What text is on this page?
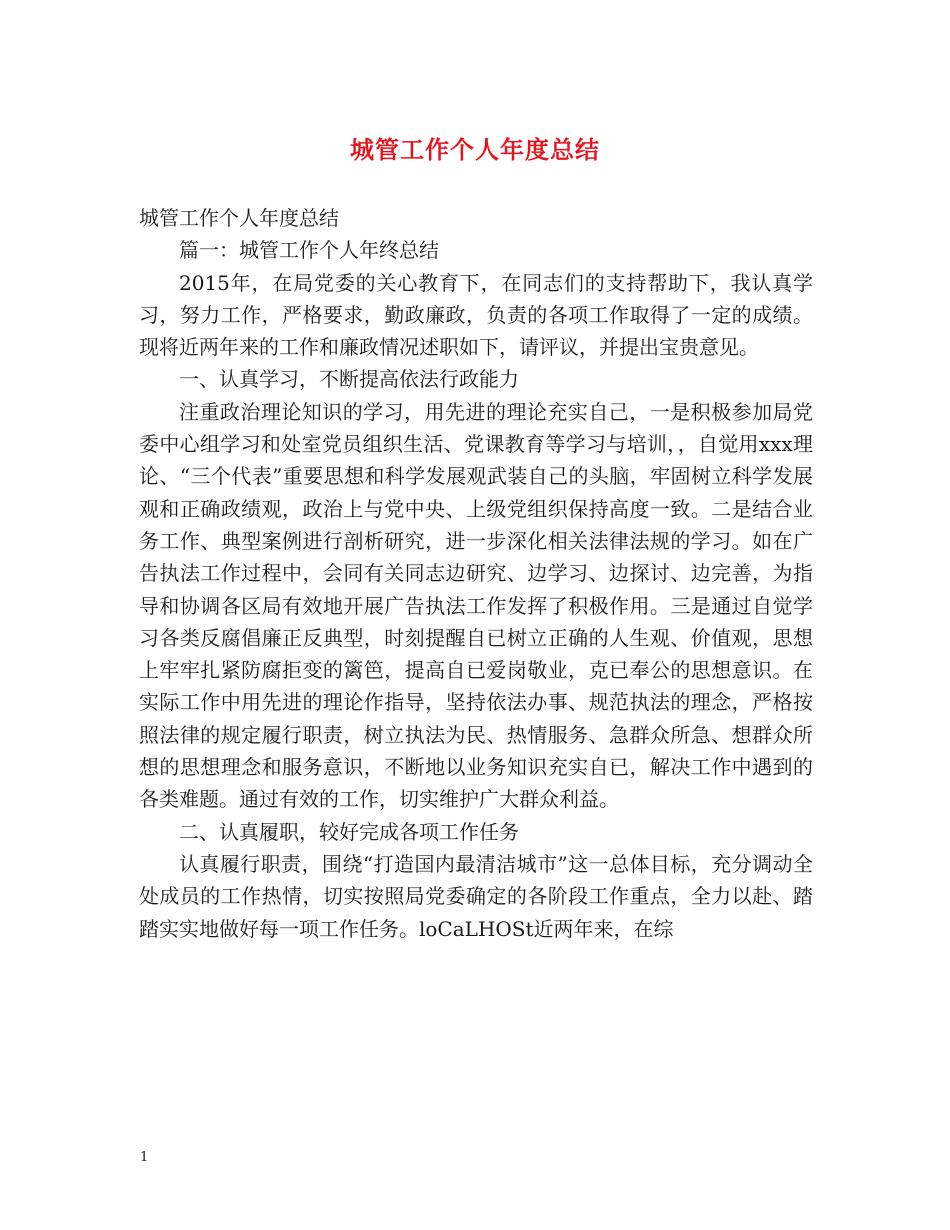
城管工作个人年度总结

城管工作个人年度总结

篇一：城管工作个人年终总结

2015年，在局党委的关心教育下，在同志们的支持帮助下，我认真学习，努力工作，严格要求，勤政廉政，负责的各项工作取得了一定的成绩。现将近两年来的工作和廉政情况述职如下，请评议，并提出宝贵意见。

一、认真学习，不断提高依法行政能力

注重政治理论知识的学习，用先进的理论充实自己，一是积极参加局党委中心组学习和处室党员组织生活、党课教育等学习与培训，，自觉用xxx理论、“三个代表”重要思想和科学发展观武装自己的头脑，牢固树立科学发展观和正确政绩观，政治上与党中央、上级党组织保持高度一致。二是结合业务工作、典型案例进行剖析研究，进一步深化相关法律法规的学习。如在广告执法工作过程中，会同有关同志边研究、边学习、边探讨、边完善，为指导和协调各区局有效地开展广告执法工作发挥了积极作用。三是通过自觉学习各类反腐倡廉正反典型，时刻提醒自已树立正确的人生观、价值观，思想上牢牢扎紧防腐拒变的篱笆，提高自已爱岗敬业，克已奉公的思想意识。在实际工作中用先进的理论作指导，坚持依法办事、规范执法的理念，严格按照法律的规定履行职责，树立执法为民、热情服务、急群众所急、想群众所想的思想理念和服务意识，不断地以业务知识充实自已，解决工作中遇到的各类难题。通过有效的工作，切实维护广大群众利益。

二、认真履职，较好完成各项工作任务

认真履行职责，围绕“打造国内最清洁城市”这一总体目标，充分调动全处成员的工作热情，切实按照局党委确定的各阶段工作重点，全力以赴、踏踏实实地做好每一项工作任务。loCaLHOSt近两年来，在综

1
